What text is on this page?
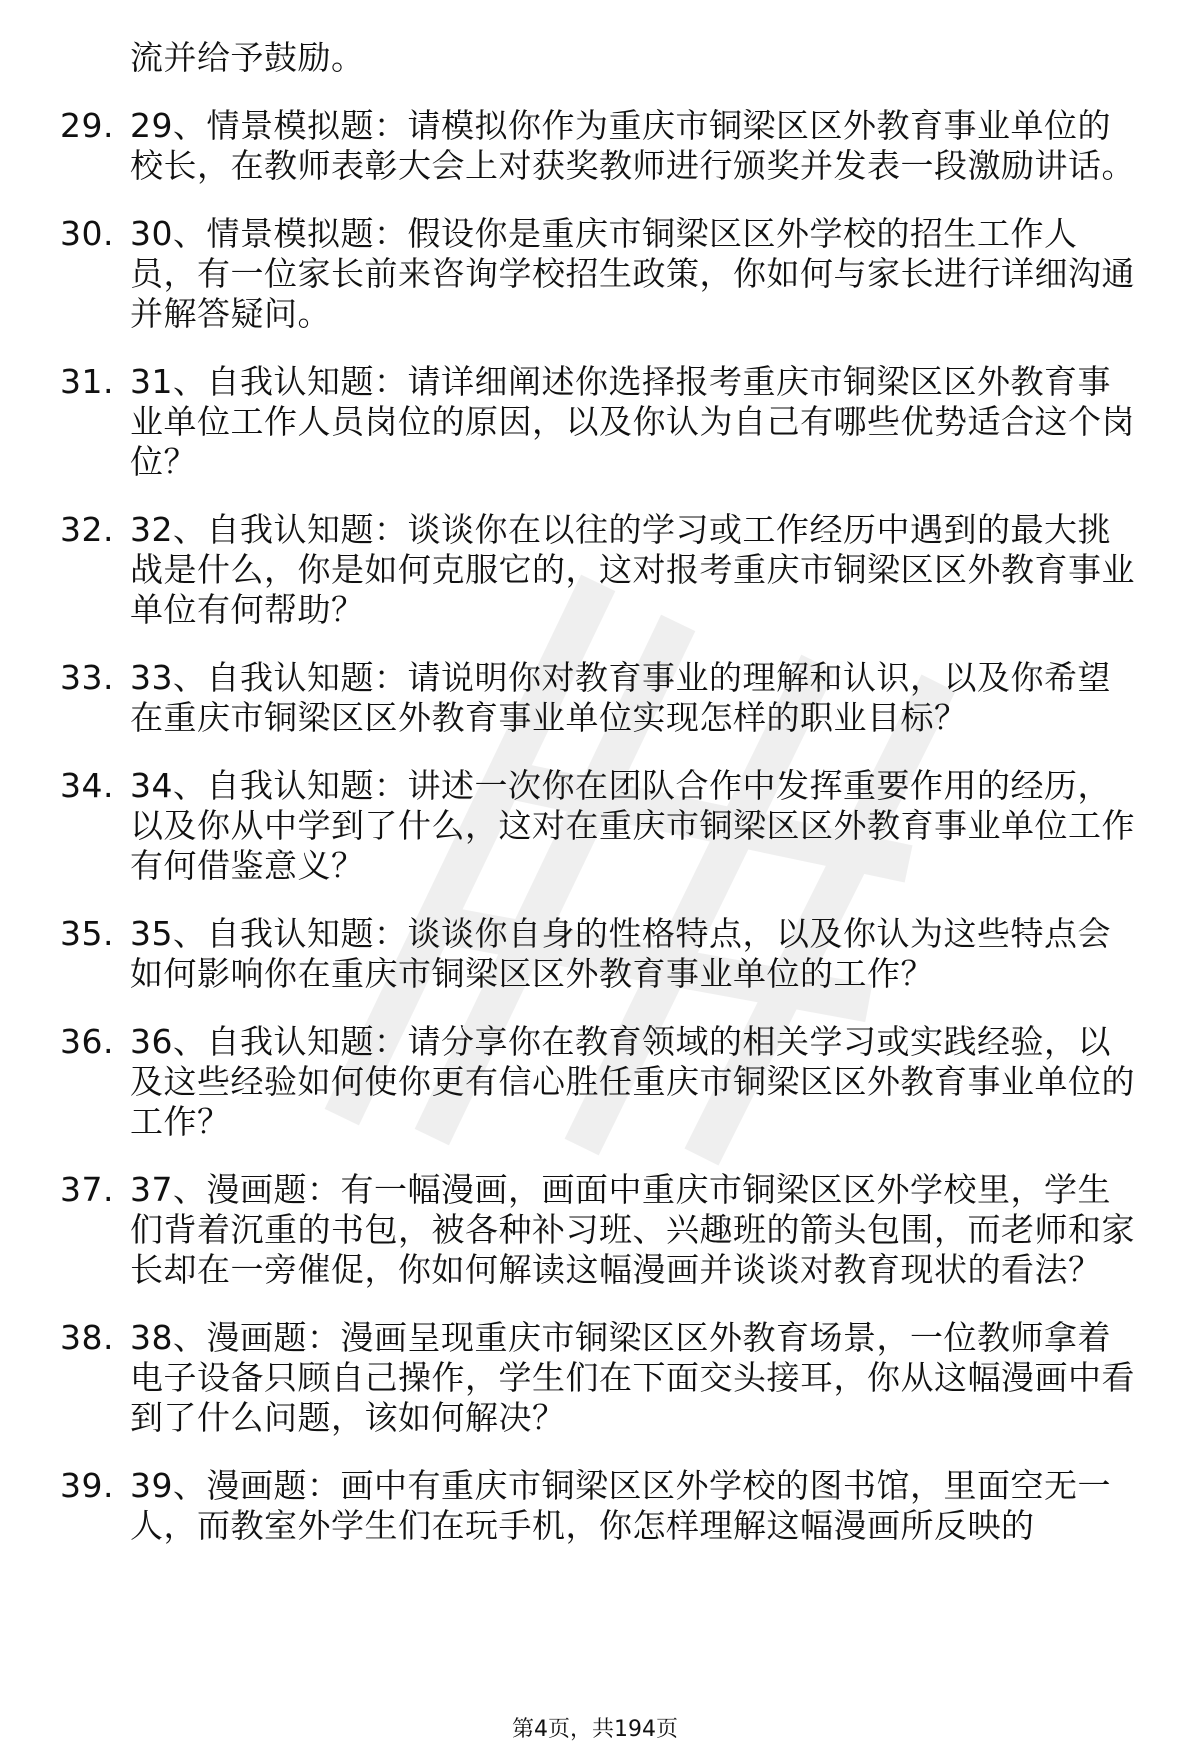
流并给予鼓励。
29. 29、情景模拟题：请模拟你作为重庆市铜梁区区外教育事业单位的校长，在教师表彰大会上对获奖教师进行颁奖并发表一段激励讲话。
30. 30、情景模拟题：假设你是重庆市铜梁区区外学校的招生工作人员，有一位家长前来咨询学校招生政策，你如何与家长进行详细沟通并解答疑问。
31. 31、自我认知题：请详细阐述你选择报考重庆市铜梁区区外教育事业单位工作人员岗位的原因，以及你认为自己有哪些优势适合这个岗位？
32. 32、自我认知题：谈谈你在以往的学习或工作经历中遇到的最大挑战是什么，你是如何克服它的，这对报考重庆市铜梁区区外教育事业单位有何帮助？
33. 33、自我认知题：请说明你对教育事业的理解和认识，以及你希望在重庆市铜梁区区外教育事业单位实现怎样的职业目标？
34. 34、自我认知题：讲述一次你在团队合作中发挥重要作用的经历，以及你从中学到了什么，这对在重庆市铜梁区区外教育事业单位工作有何借鉴意义？
35. 35、自我认知题：谈谈你自身的性格特点，以及你认为这些特点会如何影响你在重庆市铜梁区区外教育事业单位的工作？
36. 36、自我认知题：请分享你在教育领域的相关学习或实践经验，以及这些经验如何使你更有信心胜任重庆市铜梁区区外教育事业单位的工作？
37. 37、漫画题：有一幅漫画，画面中重庆市铜梁区区外学校里，学生们背着沉重的书包，被各种补习班、兴趣班的箭头包围，而老师和家长却在一旁催促，你如何解读这幅漫画并谈谈对教育现状的看法？
38. 38、漫画题：漫画呈现重庆市铜梁区区外教育场景，一位教师拿着电子设备只顾自己操作，学生们在下面交头接耳，你从这幅漫画中看到了什么问题，该如何解决？
39. 39、漫画题：画中有重庆市铜梁区区外学校的图书馆，里面空无一人，而教室外学生们在玩手机，你怎样理解这幅漫画所反映的
第4页，共194页
